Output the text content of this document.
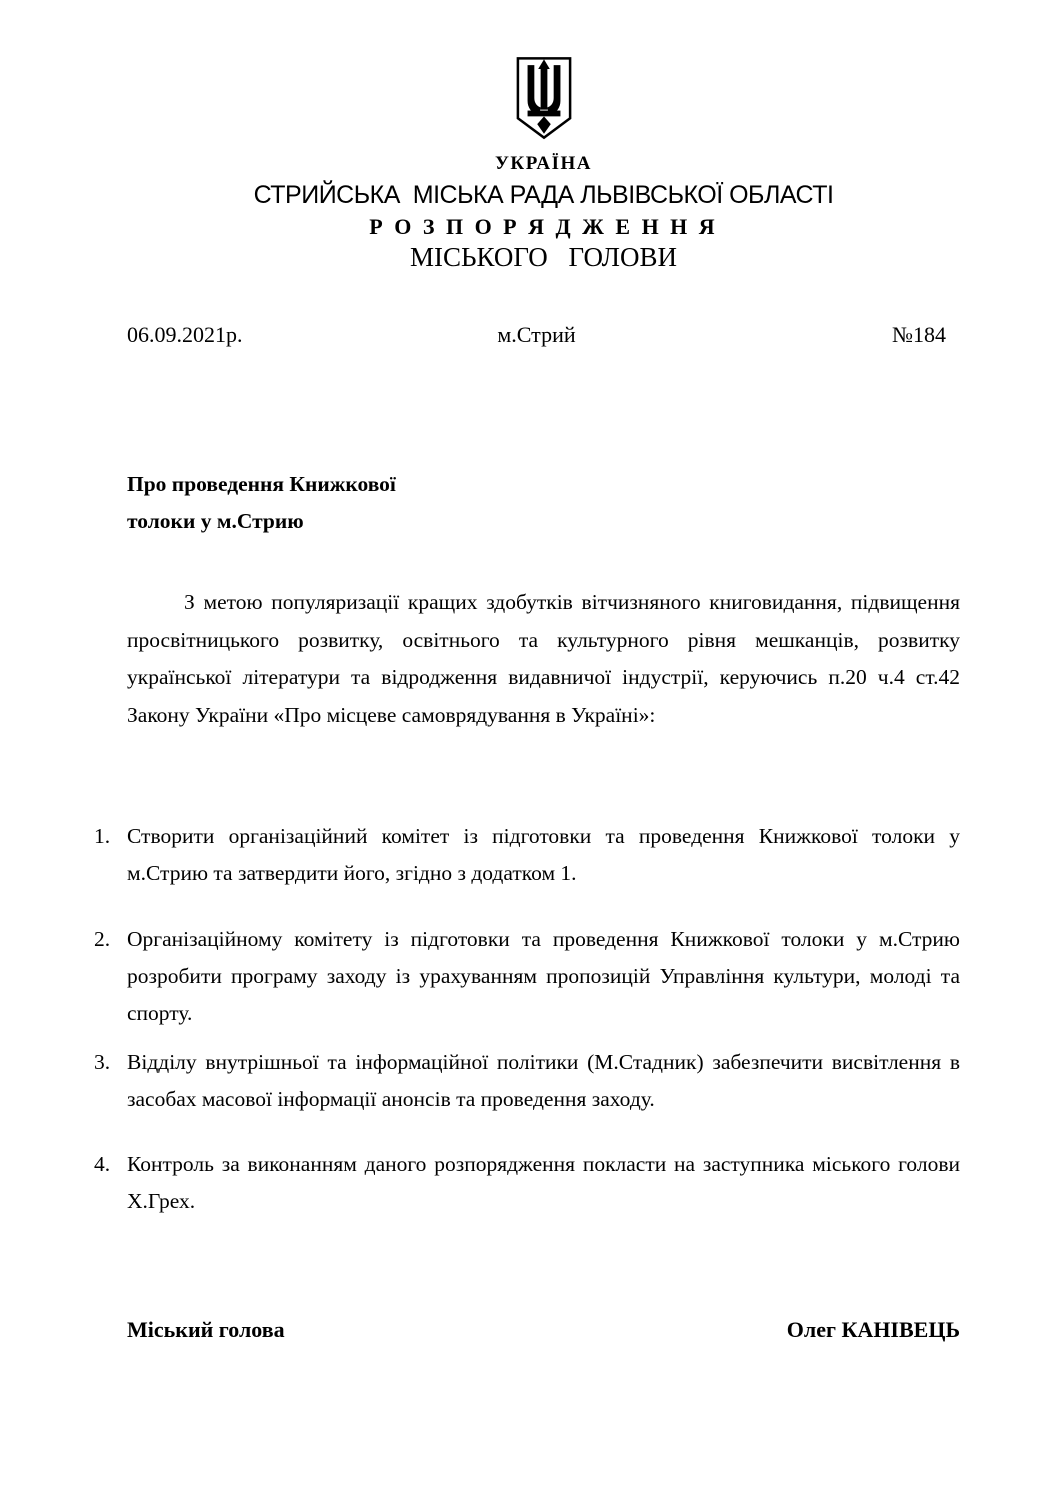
УКРАЇНА
СТРИЙСЬКА  МІСЬКА РАДА ЛЬВІВСЬКОЇ ОБЛАСТІ
Р О З П О Р Я Д Ж Е Н Н Я
МІСЬКОГО ГОЛОВИ
06.09.2021р.	м.Стрий	№184
Про проведення Книжкової
толоки у м.Стрию
З метою популяризації кращих здобутків вітчизняного книговидання, підвищення просвітницького розвитку, освітнього та культурного рівня мешканців, розвитку української літератури та відродження видавничої індустрії, керуючись п.20 ч.4 ст.42 Закону України «Про місцеве самоврядування в Україні»:
1. Створити організаційний комітет із підготовки та проведення Книжкової толоки у м.Стрию та затвердити його, згідно з додатком 1.
2. Організаційному комітету із підготовки та проведення Книжкової толоки у м.Стрию розробити програму заходу із урахуванням пропозицій Управління культури, молоді та спорту.
3. Відділу внутрішньої та інформаційної політики (М.Стадник) забезпечити висвітлення в засобах масової інформації анонсів та проведення заходу.
4. Контроль за виконанням даного розпорядження покласти на заступника міського голови Х.Грех.
Міський голова	Олег КАНІВЕЦЬ
